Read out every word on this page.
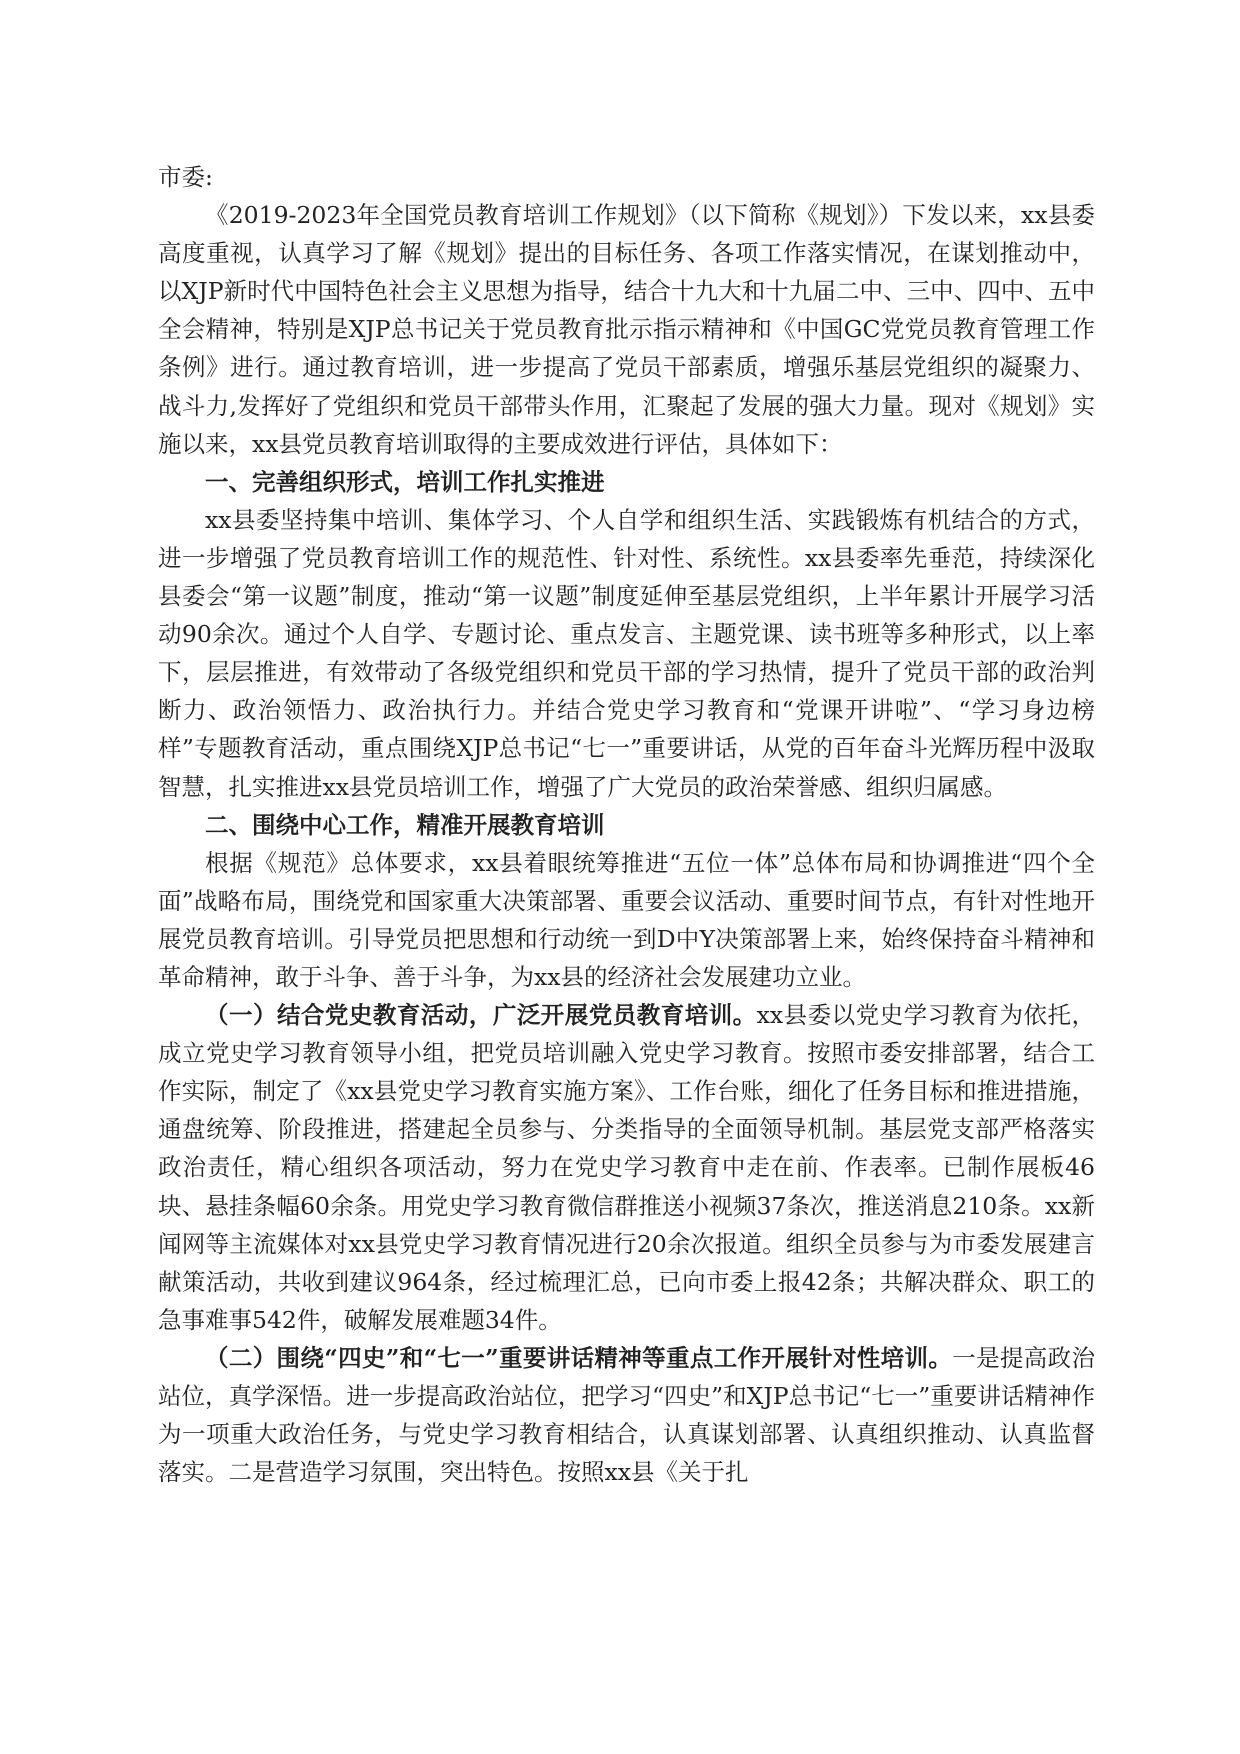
市委:

《2019-2023年全国党员教育培训工作规划》（以下简称《规划》）下发以来，xx县委高度重视，认真学习了解《规划》提出的目标任务、各项工作落实情况，在谋划推动中，以XJP新时代中国特色社会主义思想为指导，结合十九大和十九届二中、三中、四中、五中全会精神，特别是XJP总书记关于党员教育批示指示精神和《中国GC党党员教育管理工作条例》进行。通过教育培训，进一步提高了党员干部素质，增强乐基层党组织的凝聚力、战斗力,发挥好了党组织和党员干部带头作用，汇聚起了发展的强大力量。现对《规划》实施以来，xx县党员教育培训取得的主要成效进行评估，具体如下：

一、完善组织形式，培训工作扎实推进

xx县委坚持集中培训、集体学习、个人自学和组织生活、实践锻炼有机结合的方式，进一步增强了党员教育培训工作的规范性、针对性、系统性。xx县委率先垂范，持续深化县委会“第一议题”制度，推动“第一议题”制度延伸至基层党组织，上半年累计开展学习活动90余次。通过个人自学、专题讨论、重点发言、主题党课、读书班等多种形式，以上率下，层层推进，有效带动了各级党组织和党员干部的学习热情，提升了党员干部的政治判断力、政治领悟力、政治执行力。并结合党史学习教育和“党课开讲啦”、“学习身边榜样”专题教育活动，重点围绕XJP总书记“七一”重要讲话，从党的百年奋斗光辉历程中汲取智慧，扎实推进xx县党员培训工作，增强了广大党员的政治荣誉感、组织归属感。

二、围绕中心工作，精准开展教育培训

根据《规范》总体要求，xx县着眼统筹推进“五位一体”总体布局和协调推进“四个全面”战略布局，围绕党和国家重大决策部署、重要会议活动、重要时间节点，有针对性地开展党员教育培训。引导党员把思想和行动统一到D中Y决策部署上来，始终保持奋斗精神和革命精神，敢于斗争、善于斗争，为xx县的经济社会发展建功立业。

（一）结合党史教育活动，广泛开展党员教育培训。xx县委以党史学习教育为依托，成立党史学习教育领导小组，把党员培训融入党史学习教育。按照市委安排部署，结合工作实际，制定了《xx县党史学习教育实施方案》、工作台账，细化了任务目标和推进措施，通盘统筹、阶段推进，搭建起全员参与、分类指导的全面领导机制。基层党支部严格落实政治责任，精心组织各项活动，努力在党史学习教育中走在前、作表率。已制作展板46块、悬挂条幅60余条。用党史学习教育微信群推送小视频37条次，推送消息210条。xx新闻网等主流媒体对xx县党史学习教育情况进行20余次报道。组织全员参与为市委发展建言献策活动，共收到建议964条，经过梳理汇总，已向市委上报42条；共解决群众、职工的急事难事542件，破解发展难题34件。

（二）围绕“四史”和“七一”重要讲话精神等重点工作开展针对性培训。一是提高政治站位，真学深悟。进一步提高政治站位，把学习“四史”和XJP总书记“七一”重要讲话精神作为一项重大政治任务，与党史学习教育相结合，认真谋划部署、认真组织推动、认真监督落实。二是营造学习氛围，突出特色。按照xx县《关于扎
